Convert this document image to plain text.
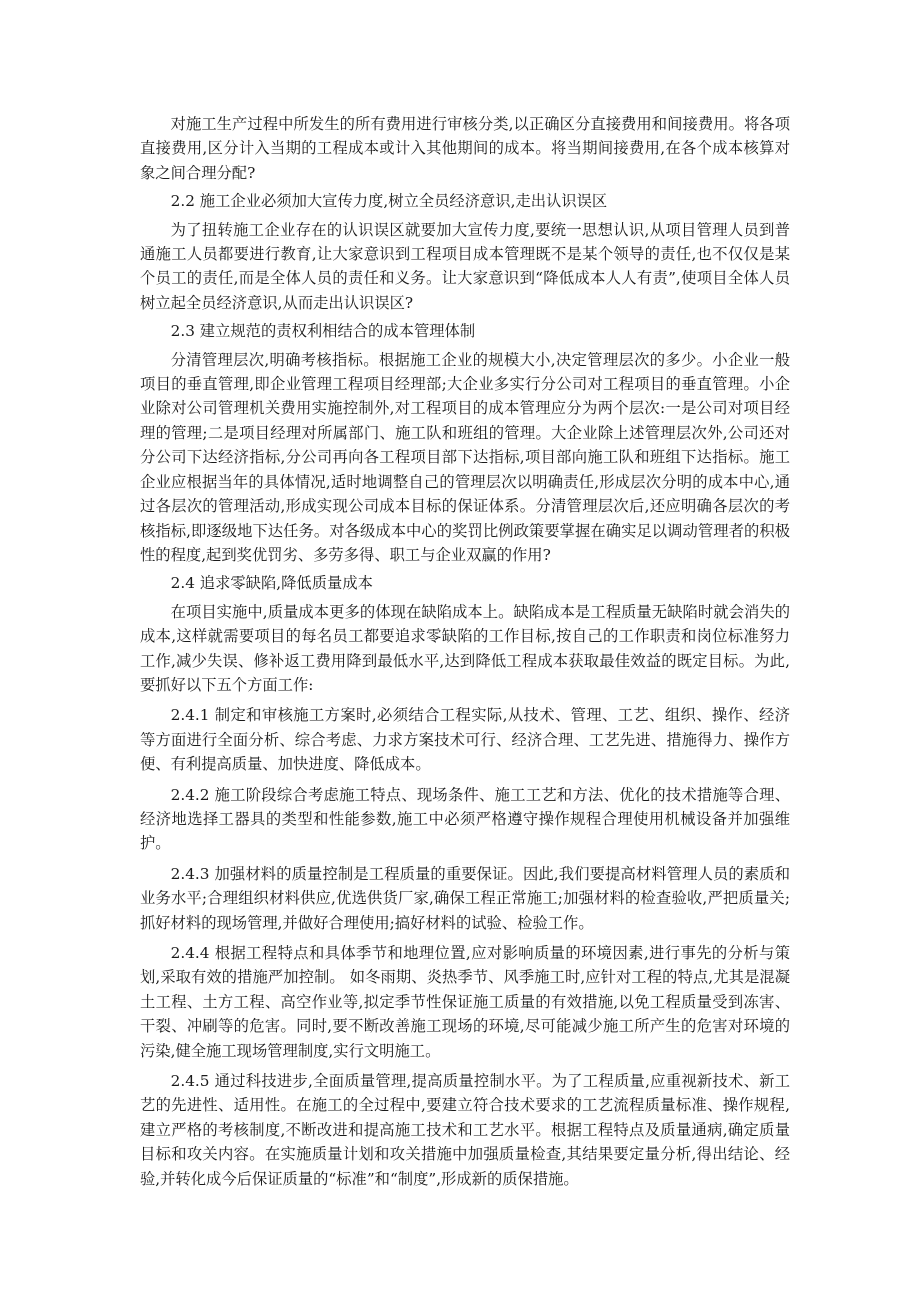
对施工生产过程中所发生的所有费用进行审核分类,以正确区分直接费用和间接费用。将各项直接费用,区分计入当期的工程成本或计入其他期间的成本。将当期间接费用,在各个成本核算对象之间合理分配?

2.2 施工企业必须加大宣传力度,树立全员经济意识,走出认识误区

为了扭转施工企业存在的认识误区就要加大宣传力度,要统一思想认识,从项目管理人员到普通施工人员都要进行教育,让大家意识到工程项目成本管理既不是某个领导的责任,也不仅仅是某个员工的责任,而是全体人员的责任和义务。让大家意识到“降低成本人人有责”,使项目全体人员树立起全员经济意识,从而走出认识误区?

2.3 建立规范的责权利相结合的成本管理体制

分清管理层次,明确考核指标。根据施工企业的规模大小,决定管理层次的多少。小企业一般项目的垂直管理,即企业管理工程项目经理部;大企业多实行分公司对工程项目的垂直管理。小企业除对公司管理机关费用实施控制外,对工程项目的成本管理应分为两个层次:一是公司对项目经理的管理;二是项目经理对所属部门、施工队和班组的管理。大企业除上述管理层次外,公司还对分公司下达经济指标,分公司再向各工程项目部下达指标,项目部向施工队和班组下达指标。施工企业应根据当年的具体情况,适时地调整自己的管理层次以明确责任,形成层次分明的成本中心,通过各层次的管理活动,形成实现公司成本目标的保证体系。分清管理层次后,还应明确各层次的考核指标,即逐级地下达任务。对各级成本中心的奖罚比例政策要掌握在确实足以调动管理者的积极性的程度,起到奖优罚劣、多劳多得、职工与企业双赢的作用?

2.4 追求零缺陷,降低质量成本

在项目实施中,质量成本更多的体现在缺陷成本上。缺陷成本是工程质量无缺陷时就会消失的成本,这样就需要项目的每名员工都要追求零缺陷的工作目标,按自己的工作职责和岗位标准努力工作,减少失误、修补返工费用降到最低水平,达到降低工程成本获取最佳效益的既定目标。为此,要抓好以下五个方面工作:

2.4.1 制定和审核施工方案时,必须结合工程实际,从技术、管理、工艺、组织、操作、经济等方面进行全面分析、综合考虑、力求方案技术可行、经济合理、工艺先进、措施得力、操作方便、有利提高质量、加快进度、降低成本。

2.4.2 施工阶段综合考虑施工特点、现场条件、施工工艺和方法、优化的技术措施等合理、经济地选择工器具的类型和性能参数,施工中必须严格遵守操作规程合理使用机械设备并加强维护。

2.4.3 加强材料的质量控制是工程质量的重要保证。因此,我们要提高材料管理人员的素质和业务水平;合理组织材料供应,优选供货厂家,确保工程正常施工;加强材料的检查验收,严把质量关;抓好材料的现场管理,并做好合理使用;搞好材料的试验、检验工作。

2.4.4 根据工程特点和具体季节和地理位置,应对影响质量的环境因素,进行事先的分析与策划,采取有效的措施严加控制。 如冬雨期、炎热季节、风季施工时,应针对工程的特点,尤其是混凝土工程、土方工程、高空作业等,拟定季节性保证施工质量的有效措施,以免工程质量受到冻害、干裂、冲刷等的危害。同时,要不断改善施工现场的环境,尽可能减少施工所产生的危害对环境的污染,健全施工现场管理制度,实行文明施工。

2.4.5 通过科技进步,全面质量管理,提高质量控制水平。为了工程质量,应重视新技术、新工艺的先进性、适用性。在施工的全过程中,要建立符合技术要求的工艺流程质量标准、操作规程,建立严格的考核制度,不断改进和提高施工技术和工艺水平。根据工程特点及质量通病,确定质量目标和攻关内容。在实施质量计划和攻关措施中加强质量检查,其结果要定量分析,得出结论、经验,并转化成今后保证质量的“标准”和“制度”,形成新的质保措施。
